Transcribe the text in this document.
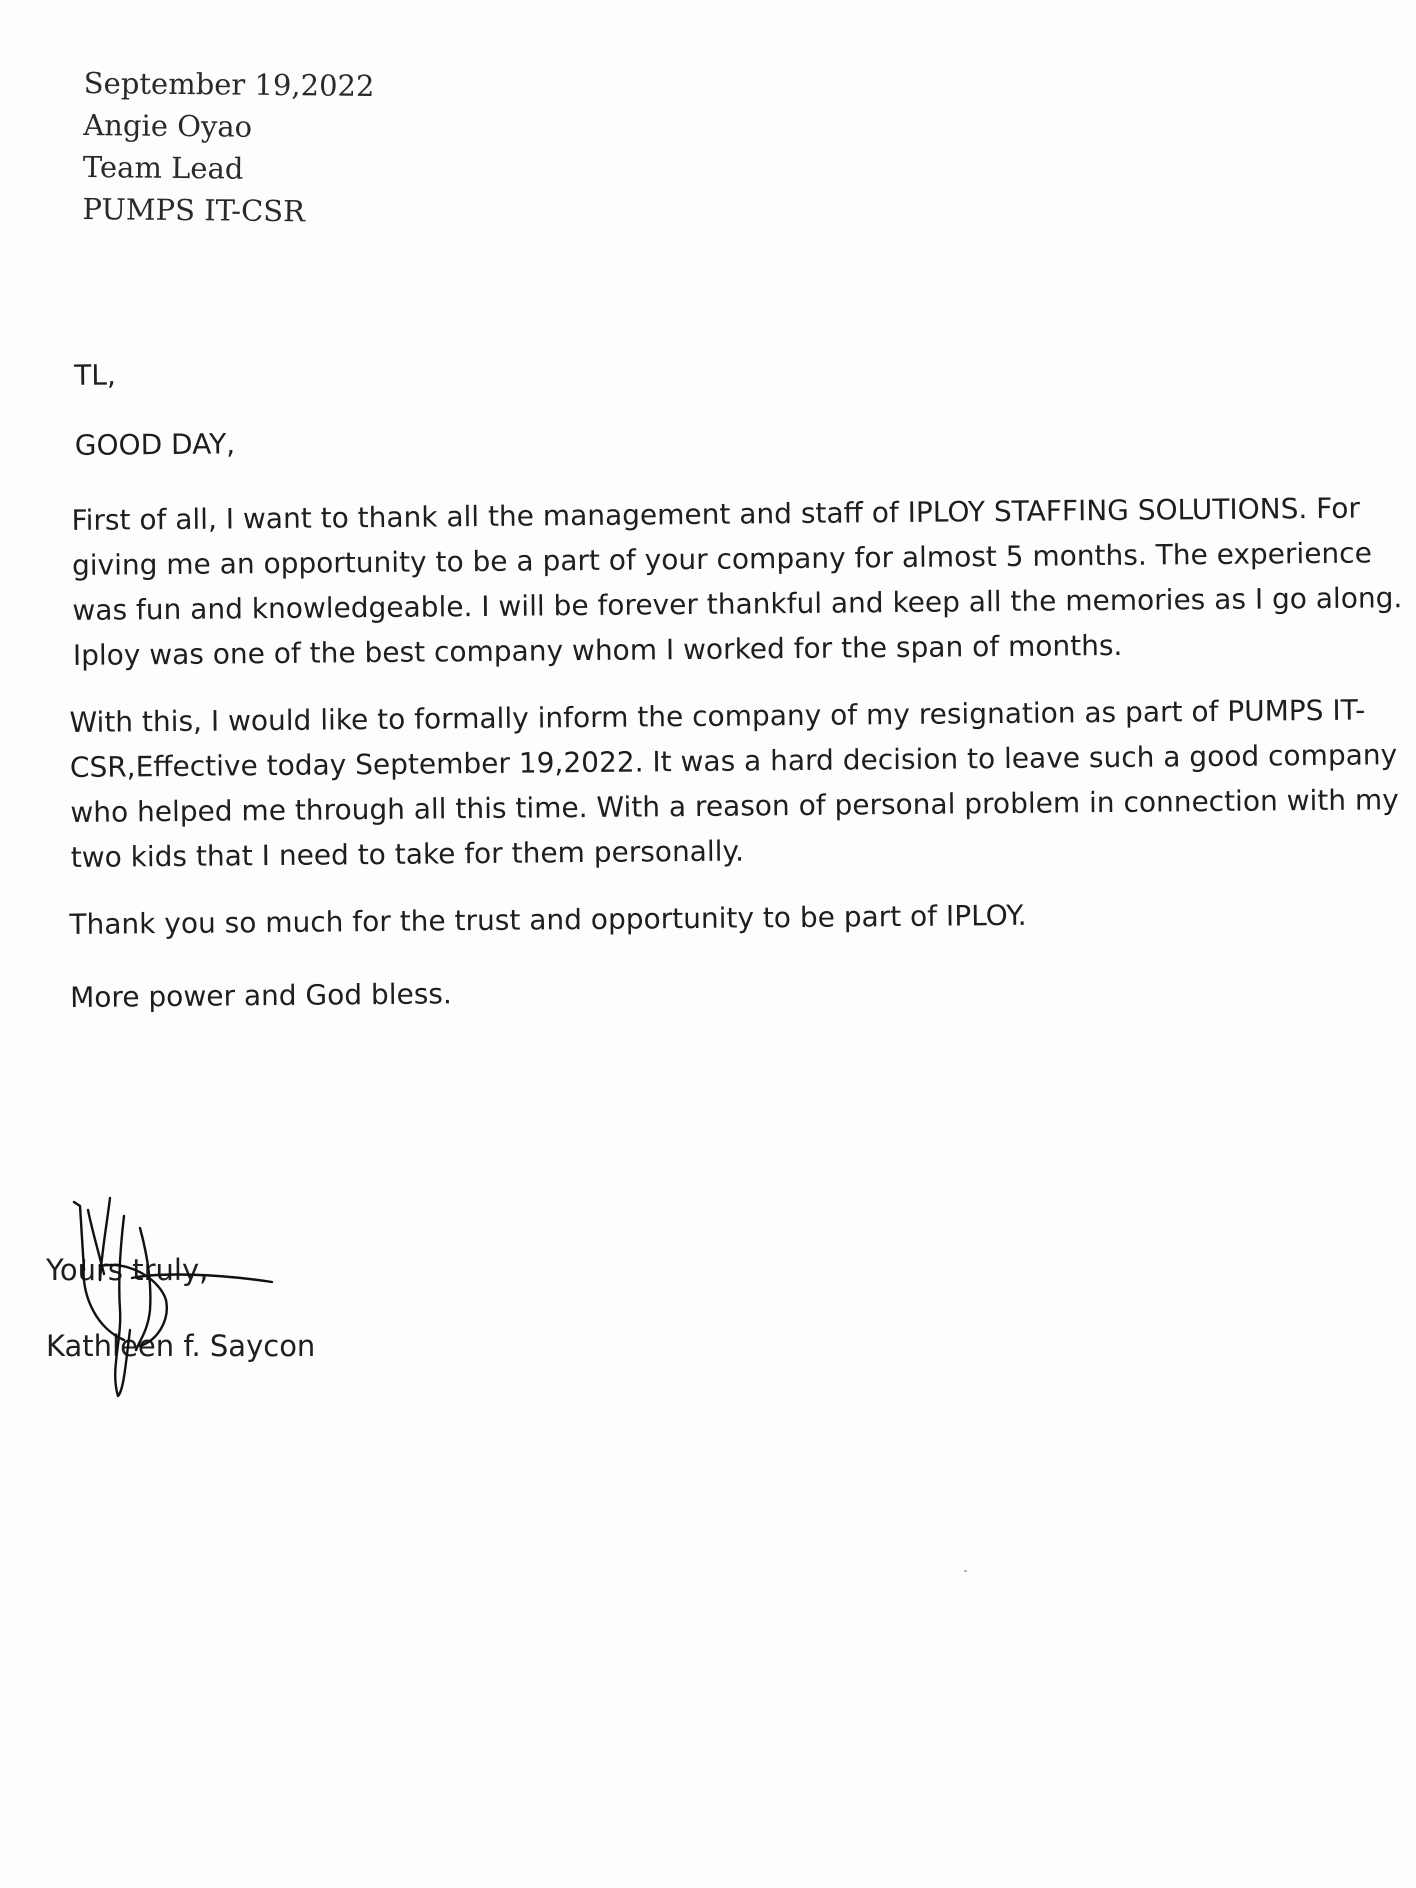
September 19,2022
Angie Oyao
Team Lead
PUMPS IT-CSR
TL,
GOOD DAY,
First of all, I want to thank all the management and staff of IPLOY STAFFING SOLUTIONS. For giving me an opportunity to be a part of your company for almost 5 months. The experience was fun and knowledgeable. I will be forever thankful and keep all the memories as I go along. Iploy was one of the best company whom I worked for the span of months.
With this, I would like to formally inform the company of my resignation as part of PUMPS IT-CSR,Effective today September 19,2022. It was a hard decision to leave such a good company who helped me through all this time. With a reason of personal problem in connection with my two kids that I need to take for them personally.
Thank you so much for the trust and opportunity to be part of IPLOY.
More power and God bless.
Yours truly,
Kathleen f. Saycon
